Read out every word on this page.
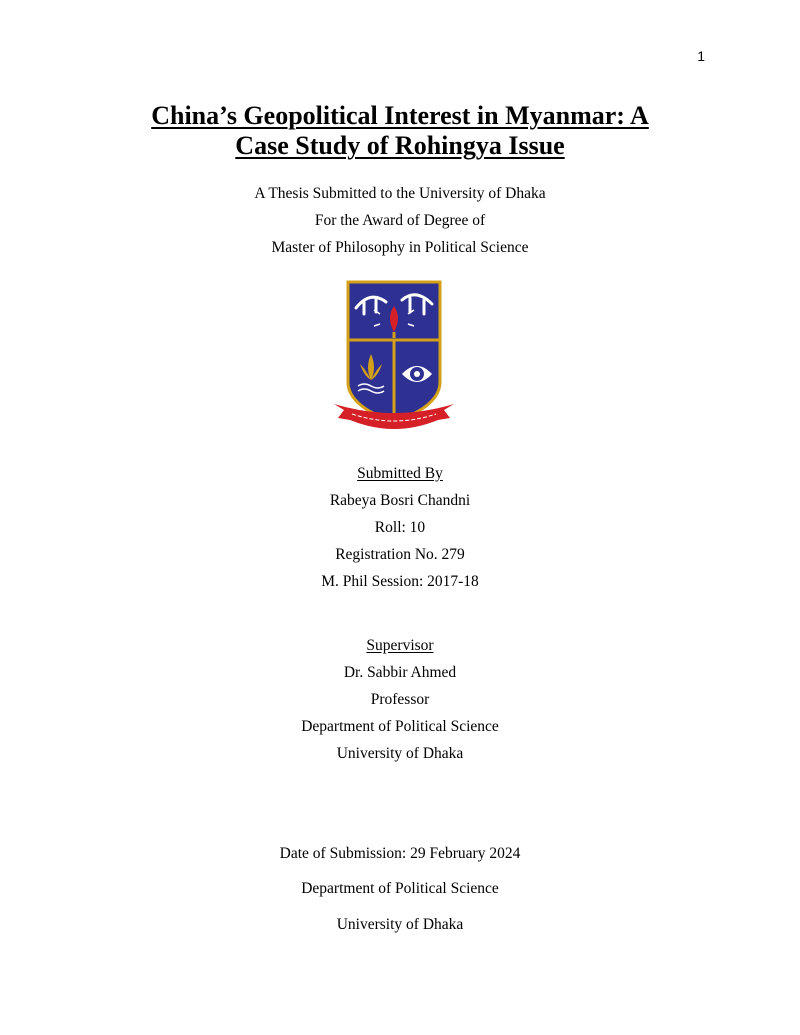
1
China’s Geopolitical Interest in Myanmar: A
Case Study of Rohingya Issue
A Thesis Submitted to the University of Dhaka
For the Award of Degree of
Master of Philosophy in Political Science
Submitted By
Rabeya Bosri Chandni
Roll: 10
Registration No. 279
M. Phil Session: 2017-18
Supervisor
Dr. Sabbir Ahmed
Professor
Department of Political Science
University of Dhaka
Date of Submission: 29 February 2024
Department of Political Science
University of Dhaka
